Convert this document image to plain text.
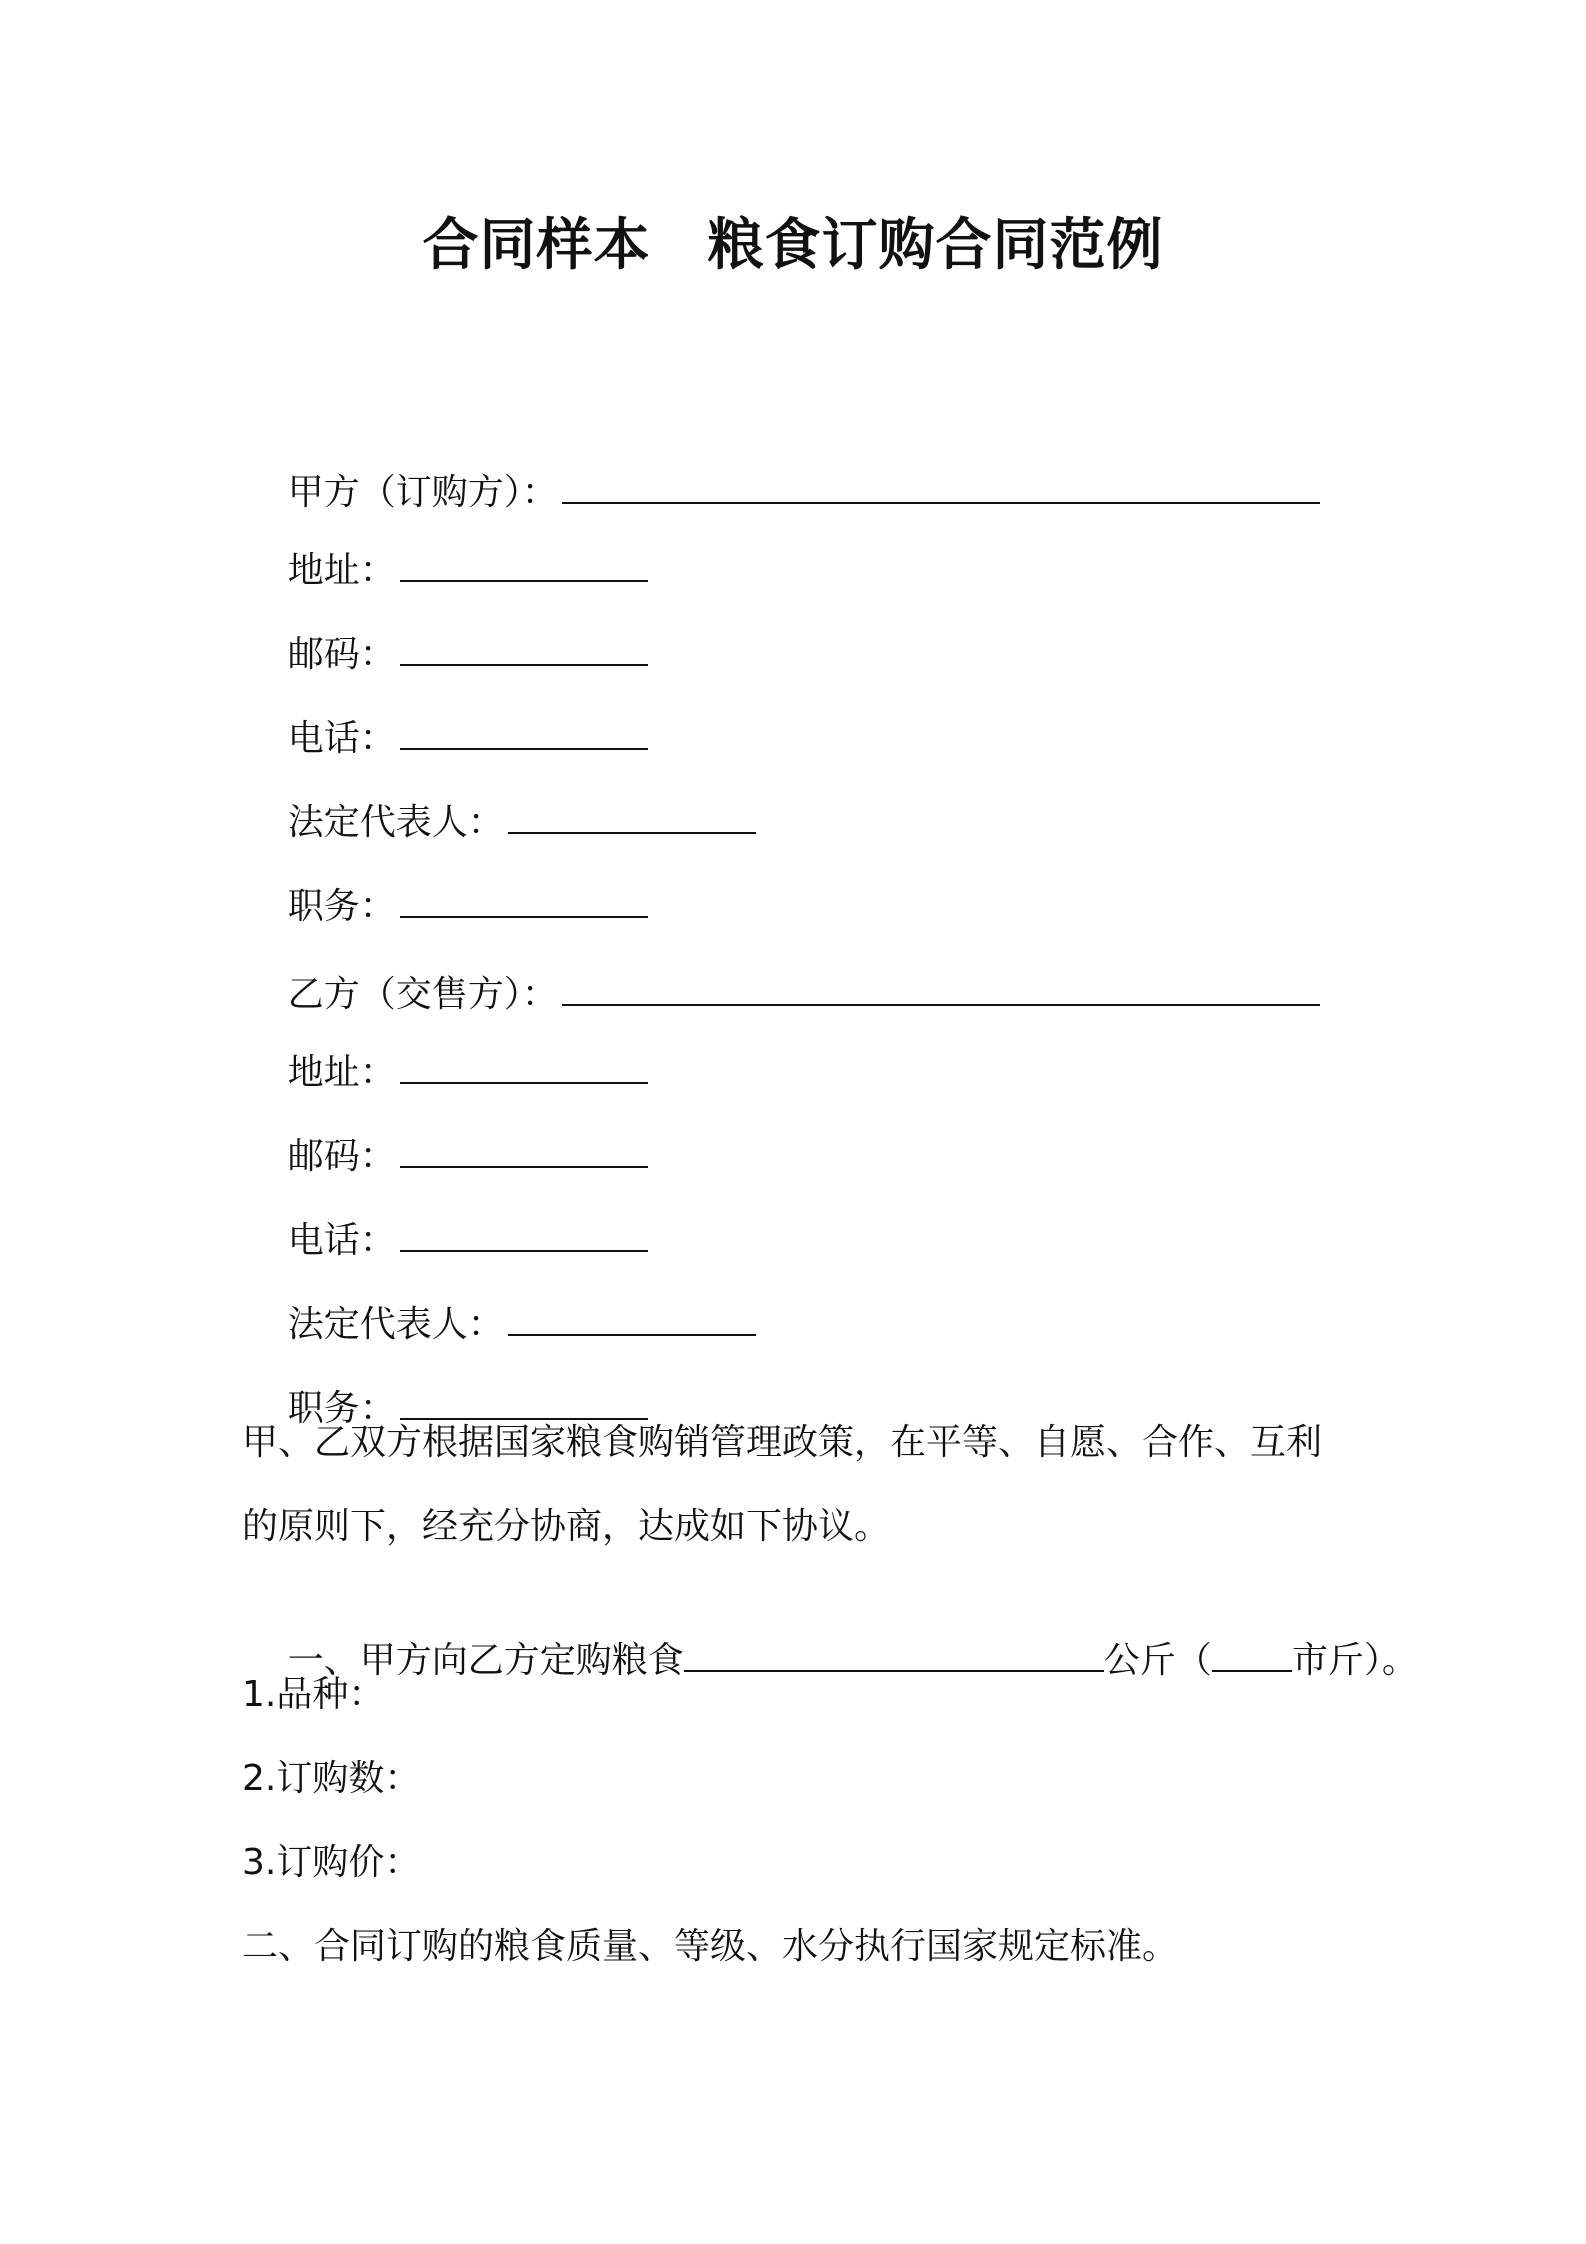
合同样本　粮食订购合同范例

甲方（订购方）：

地址：

邮码：

电话：

法定代表人：

职务：

乙方（交售方）：

地址：

邮码：

电话：

法定代表人：

职务：

甲、乙双方根据国家粮食购销管理政策，在平等、自愿、合作、互利
的原则下，经充分协商，达成如下协议。

一、甲方向乙方定购粮食	公斤（ 市斤）。

1.品种：
2.订购数：
3.订购价：
二、合同订购的粮食质量、等级、水分执行国家规定标准。
